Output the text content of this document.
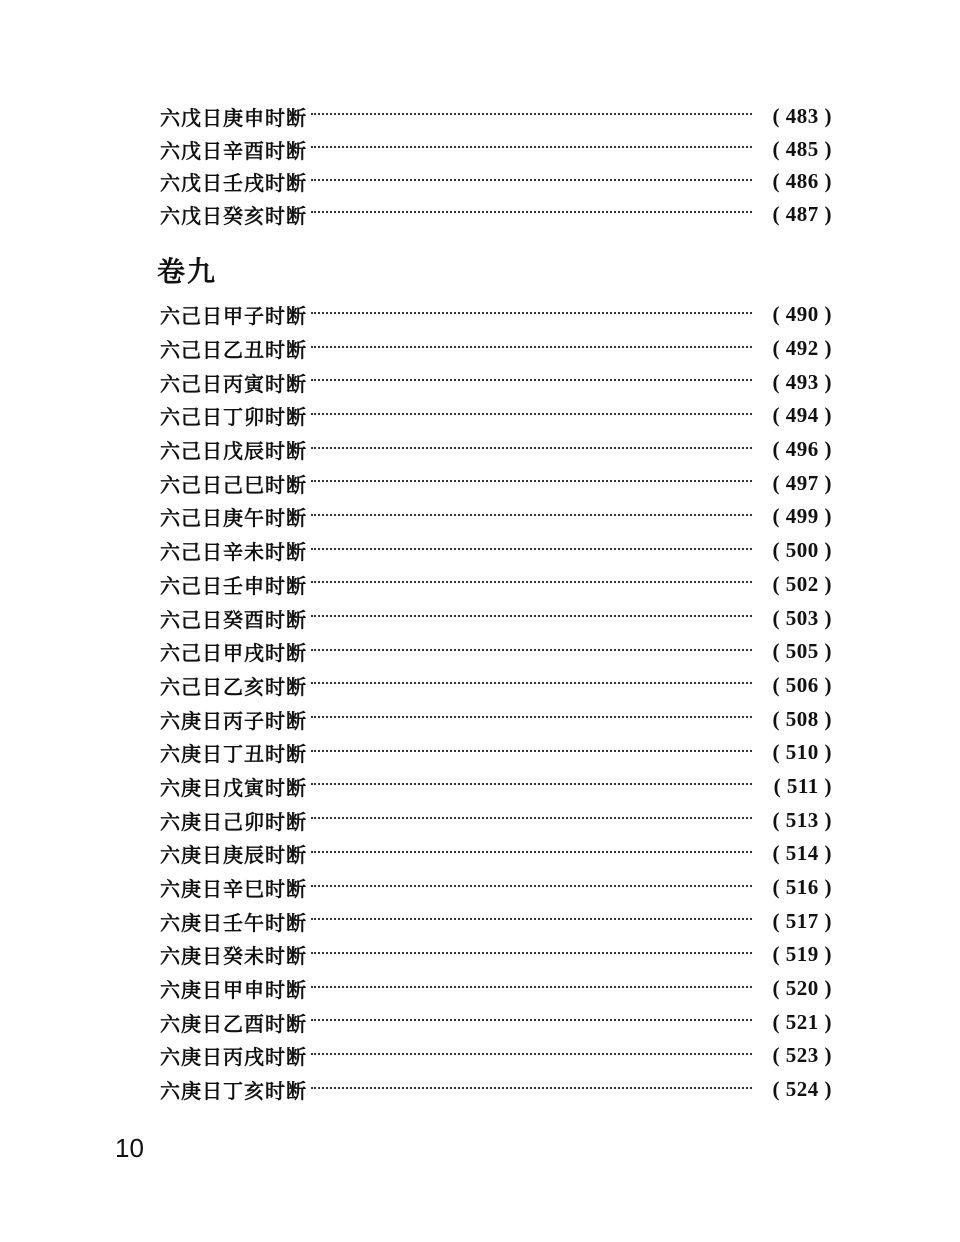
六戊日庚申时断	( 483 )
六戊日辛酉时断	( 485 )
六戊日壬戌时断	( 486 )
六戊日癸亥时断	( 487 )
卷九
六己日甲子时断	( 490 )
六己日乙丑时断	( 492 )
六己日丙寅时断	( 493 )
六己日丁卯时断	( 494 )
六己日戊辰时断	( 496 )
六己日己巳时断	( 497 )
六己日庚午时断	( 499 )
六己日辛未时断	( 500 )
六己日壬申时断	( 502 )
六己日癸酉时断	( 503 )
六己日甲戌时断	( 505 )
六己日乙亥时断	( 506 )
六庚日丙子时断	( 508 )
六庚日丁丑时断	( 510 )
六庚日戊寅时断	( 511 )
六庚日己卯时断	( 513 )
六庚日庚辰时断	( 514 )
六庚日辛巳时断	( 516 )
六庚日壬午时断	( 517 )
六庚日癸未时断	( 519 )
六庚日甲申时断	( 520 )
六庚日乙酉时断	( 521 )
六庚日丙戌时断	( 523 )
六庚日丁亥时断	( 524 )
10
